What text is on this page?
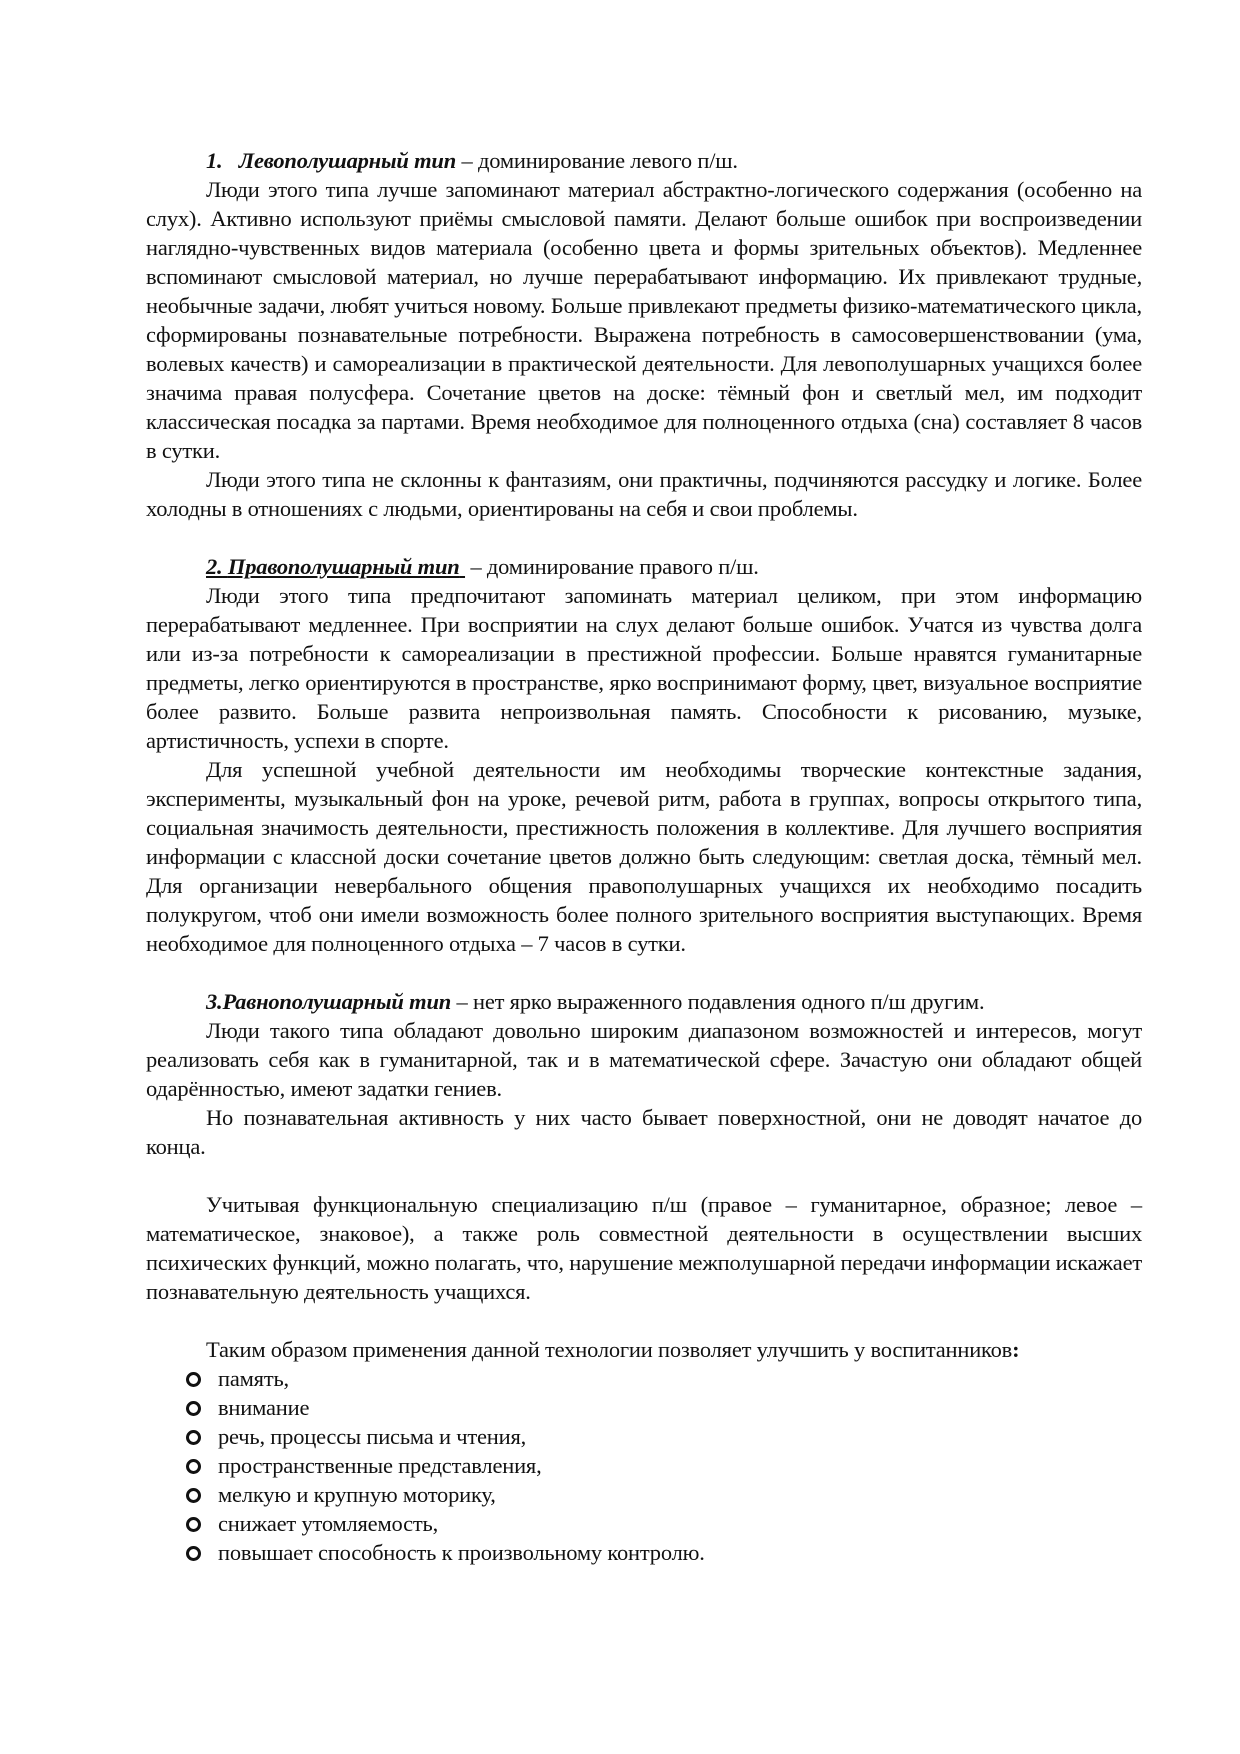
1. Левополушарный тип – доминирование левого п/ш.

Люди этого типа лучше запоминают материал абстрактно-логического содержания (особенно на слух). Активно используют приёмы смысловой памяти. Делают больше ошибок при воспроизведении наглядно-чувственных видов материала (особенно цвета и формы зрительных объектов). Медленнее вспоминают смысловой материал, но лучше перерабатывают информацию. Их привлекают трудные, необычные задачи, любят учиться новому. Больше привлекают предметы физико-математического цикла, сформированы познавательные потребности. Выражена потребность в самосовершенствовании (ума, волевых качеств) и самореализации в практической деятельности. Для левополушарных учащихся более значима правая полусфера. Сочетание цветов на доске: тёмный фон и светлый мел, им подходит классическая посадка за партами. Время необходимое для полноценного отдыха (сна) составляет 8 часов в сутки.

Люди этого типа не склонны к фантазиям, они практичны, подчиняются рассудку и логике. Более холодны в отношениях с людьми, ориентированы на себя и свои проблемы.

2. Правополушарный тип  – доминирование правого п/ш.

Люди этого типа предпочитают запоминать материал целиком, при этом информацию перерабатывают медленнее. При восприятии на слух делают больше ошибок. Учатся из чувства долга или из-за потребности к самореализации в престижной профессии. Больше нравятся гуманитарные предметы, легко ориентируются в пространстве, ярко воспринимают форму, цвет, визуальное восприятие более развито. Больше развита непроизвольная память. Способности к рисованию, музыке, артистичность, успехи в спорте.

Для успешной учебной деятельности им необходимы творческие контекстные задания, эксперименты, музыкальный фон на уроке, речевой ритм, работа в группах, вопросы открытого типа, социальная значимость деятельности, престижность положения в коллективе. Для лучшего восприятия информации с классной доски сочетание цветов должно быть следующим: светлая доска, тёмный мел. Для организации невербального общения правополушарных учащихся их необходимо посадить полукругом, чтоб они имели возможность более полного зрительного восприятия выступающих. Время необходимое для полноценного отдыха – 7 часов в сутки.

3.Равнополушарный тип – нет ярко выраженного подавления одного п/ш другим.

Люди такого типа обладают довольно широким диапазоном возможностей и интересов, могут реализовать себя как в гуманитарной, так и в математической сфере. Зачастую они обладают общей одарённостью, имеют задатки гениев.

Но познавательная активность у них часто бывает поверхностной, они не доводят начатое до конца.

Учитывая функциональную специализацию п/ш (правое – гуманитарное, образное; левое – математическое, знаковое), а также роль совместной деятельности в осуществлении высших психических функций, можно полагать, что, нарушение межполушарной передачи информации искажает познавательную деятельность учащихся.

Таким образом применения данной технологии позволяет улучшить у воспитанников:

память,
внимание
речь, процессы письма и чтения,
пространственные представления,
мелкую и крупную моторику,
снижает утомляемость,
повышает способность к произвольному контролю.
